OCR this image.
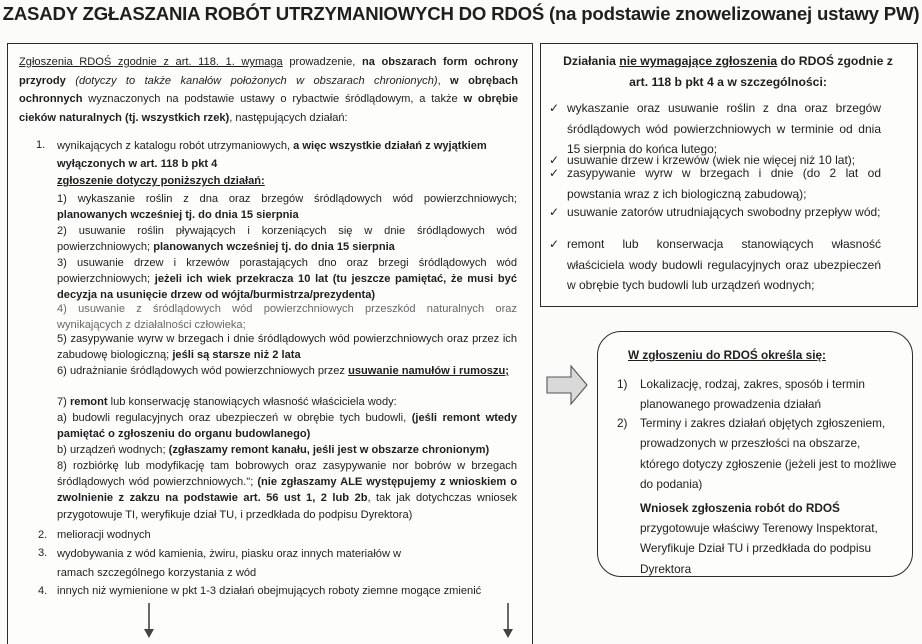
ZASADY ZGŁASZANIA ROBÓT UTRZYMANIOWYCH DO RDOŚ (na podstawie znowelizowanej ustawy PW)
Zgłoszenia RDOŚ zgodnie z art. 118. 1. wymaga prowadzenie, na obszarach form ochrony przyrody (dotyczy to także kanałów położonych w obszarach chronionych), w obrębach ochronnych wyznaczonych na podstawie ustawy o rybactwie śródlądowym, a także w obrębie cieków naturalnych (tj. wszystkich rzek), następujących działań:
1. wynikających z katalogu robót utrzymaniowych, a więc wszystkie działań z wyjątkiem wyłączonych w art. 118 b pkt 4
zgłoszenie dotyczy poniższych działań:
1) wykaszanie roślin z dna oraz brzegów śródlądowych wód powierzchniowych; planowanych wcześniej tj. do dnia 15 sierpnia
2) usuwanie roślin pływających i korzeniących się w dnie śródlądowych wód powierzchniowych; planowanych wcześniej tj. do dnia 15 sierpnia
3) usuwanie drzew i krzewów porastających dno oraz brzegi śródlądowych wód powierzchniowych; jeżeli ich wiek przekracza 10 lat (tu jeszcze pamiętać, że musi być decyzja na usunięcie drzew od wójta/burmistrza/prezydenta)
4) usuwanie z śródlądowych wód powierzchniowych przeszkód naturalnych oraz wynikających z działalności człowieka;
5) zasypywanie wyrw w brzegach i dnie śródlądowych wód powierzchniowych oraz przez ich zabudowę biologiczną; jeśli są starsze niż 2 lata
6) udrażnianie śródlądowych wód powierzchniowych przez usuwanie namułów i rumoszu;
7) remont lub konserwację stanowiących własność właściciela wody:
a) budowli regulacyjnych oraz ubezpieczeń w obrębie tych budowli, (jeśli remont wtedy pamiętać o zgłoszeniu do organu budowlanego)
b) urządzeń wodnych; (zgłaszamy remont kanału, jeśli jest w obszarze chronionym)
8) rozbiórkę lub modyfikację tam bobrowych oraz zasypywanie nor bobrów w brzegach śródlądowych wód powierzchniowych."; (nie zgłaszamy ALE występujemy z wnioskiem o zwolnienie z zakzu na podstawie art. 56 ust 1, 2 lub 2b, tak jak dotychczas wniosek przygotowuje TI, weryfikuje dział TU, i przedkłada do podpisu Dyrektora)
2. melioracji wodnych
3. wydobywania z wód kamienia, żwiru, piasku oraz innych materiałów w ramach szczególnego korzystania z wód
4. innych niż wymienione w pkt 1-3 działań obejmujących roboty ziemne mogące zmienić
Działania nie wymagające zgłoszenia do RDOŚ zgodnie z art. 118 b pkt 4 a w szczególności:
✓ wykaszanie oraz usuwanie roślin z dna oraz brzegów śródlądowych wód powierzchniowych w terminie od dnia 15 sierpnia do końca lutego;
✓ usuwanie drzew i krzewów (wiek nie więcej niż 10 lat);
✓ zasypywanie wyrw w brzegach i dnie (do 2 lat od powstania wraz z ich biologiczną zabudową);
✓ usuwanie zatorów utrudniających swobodny przepływ wód;
✓ remont lub konserwacja stanowiących własność właściciela wody budowli regulacyjnych oraz ubezpieczeń w obrębie tych budowli lub urządzeń wodnych;
W zgłoszeniu do RDOŚ określa się:
1) Lokalizację, rodzaj, zakres, sposób i termin planowanego prowadzenia działań
2) Terminy i zakres działań objętych zgłoszeniem, prowadzonych w przeszłości na obszarze, którego dotyczy zgłoszenie (jeżeli jest to możliwe do podania)
Wniosek zgłoszenia robót do RDOŚ
przygotowuje właściwy Terenowy Inspektorat, Weryfikuje Dział TU i przedkłada do podpisu Dyrektora
